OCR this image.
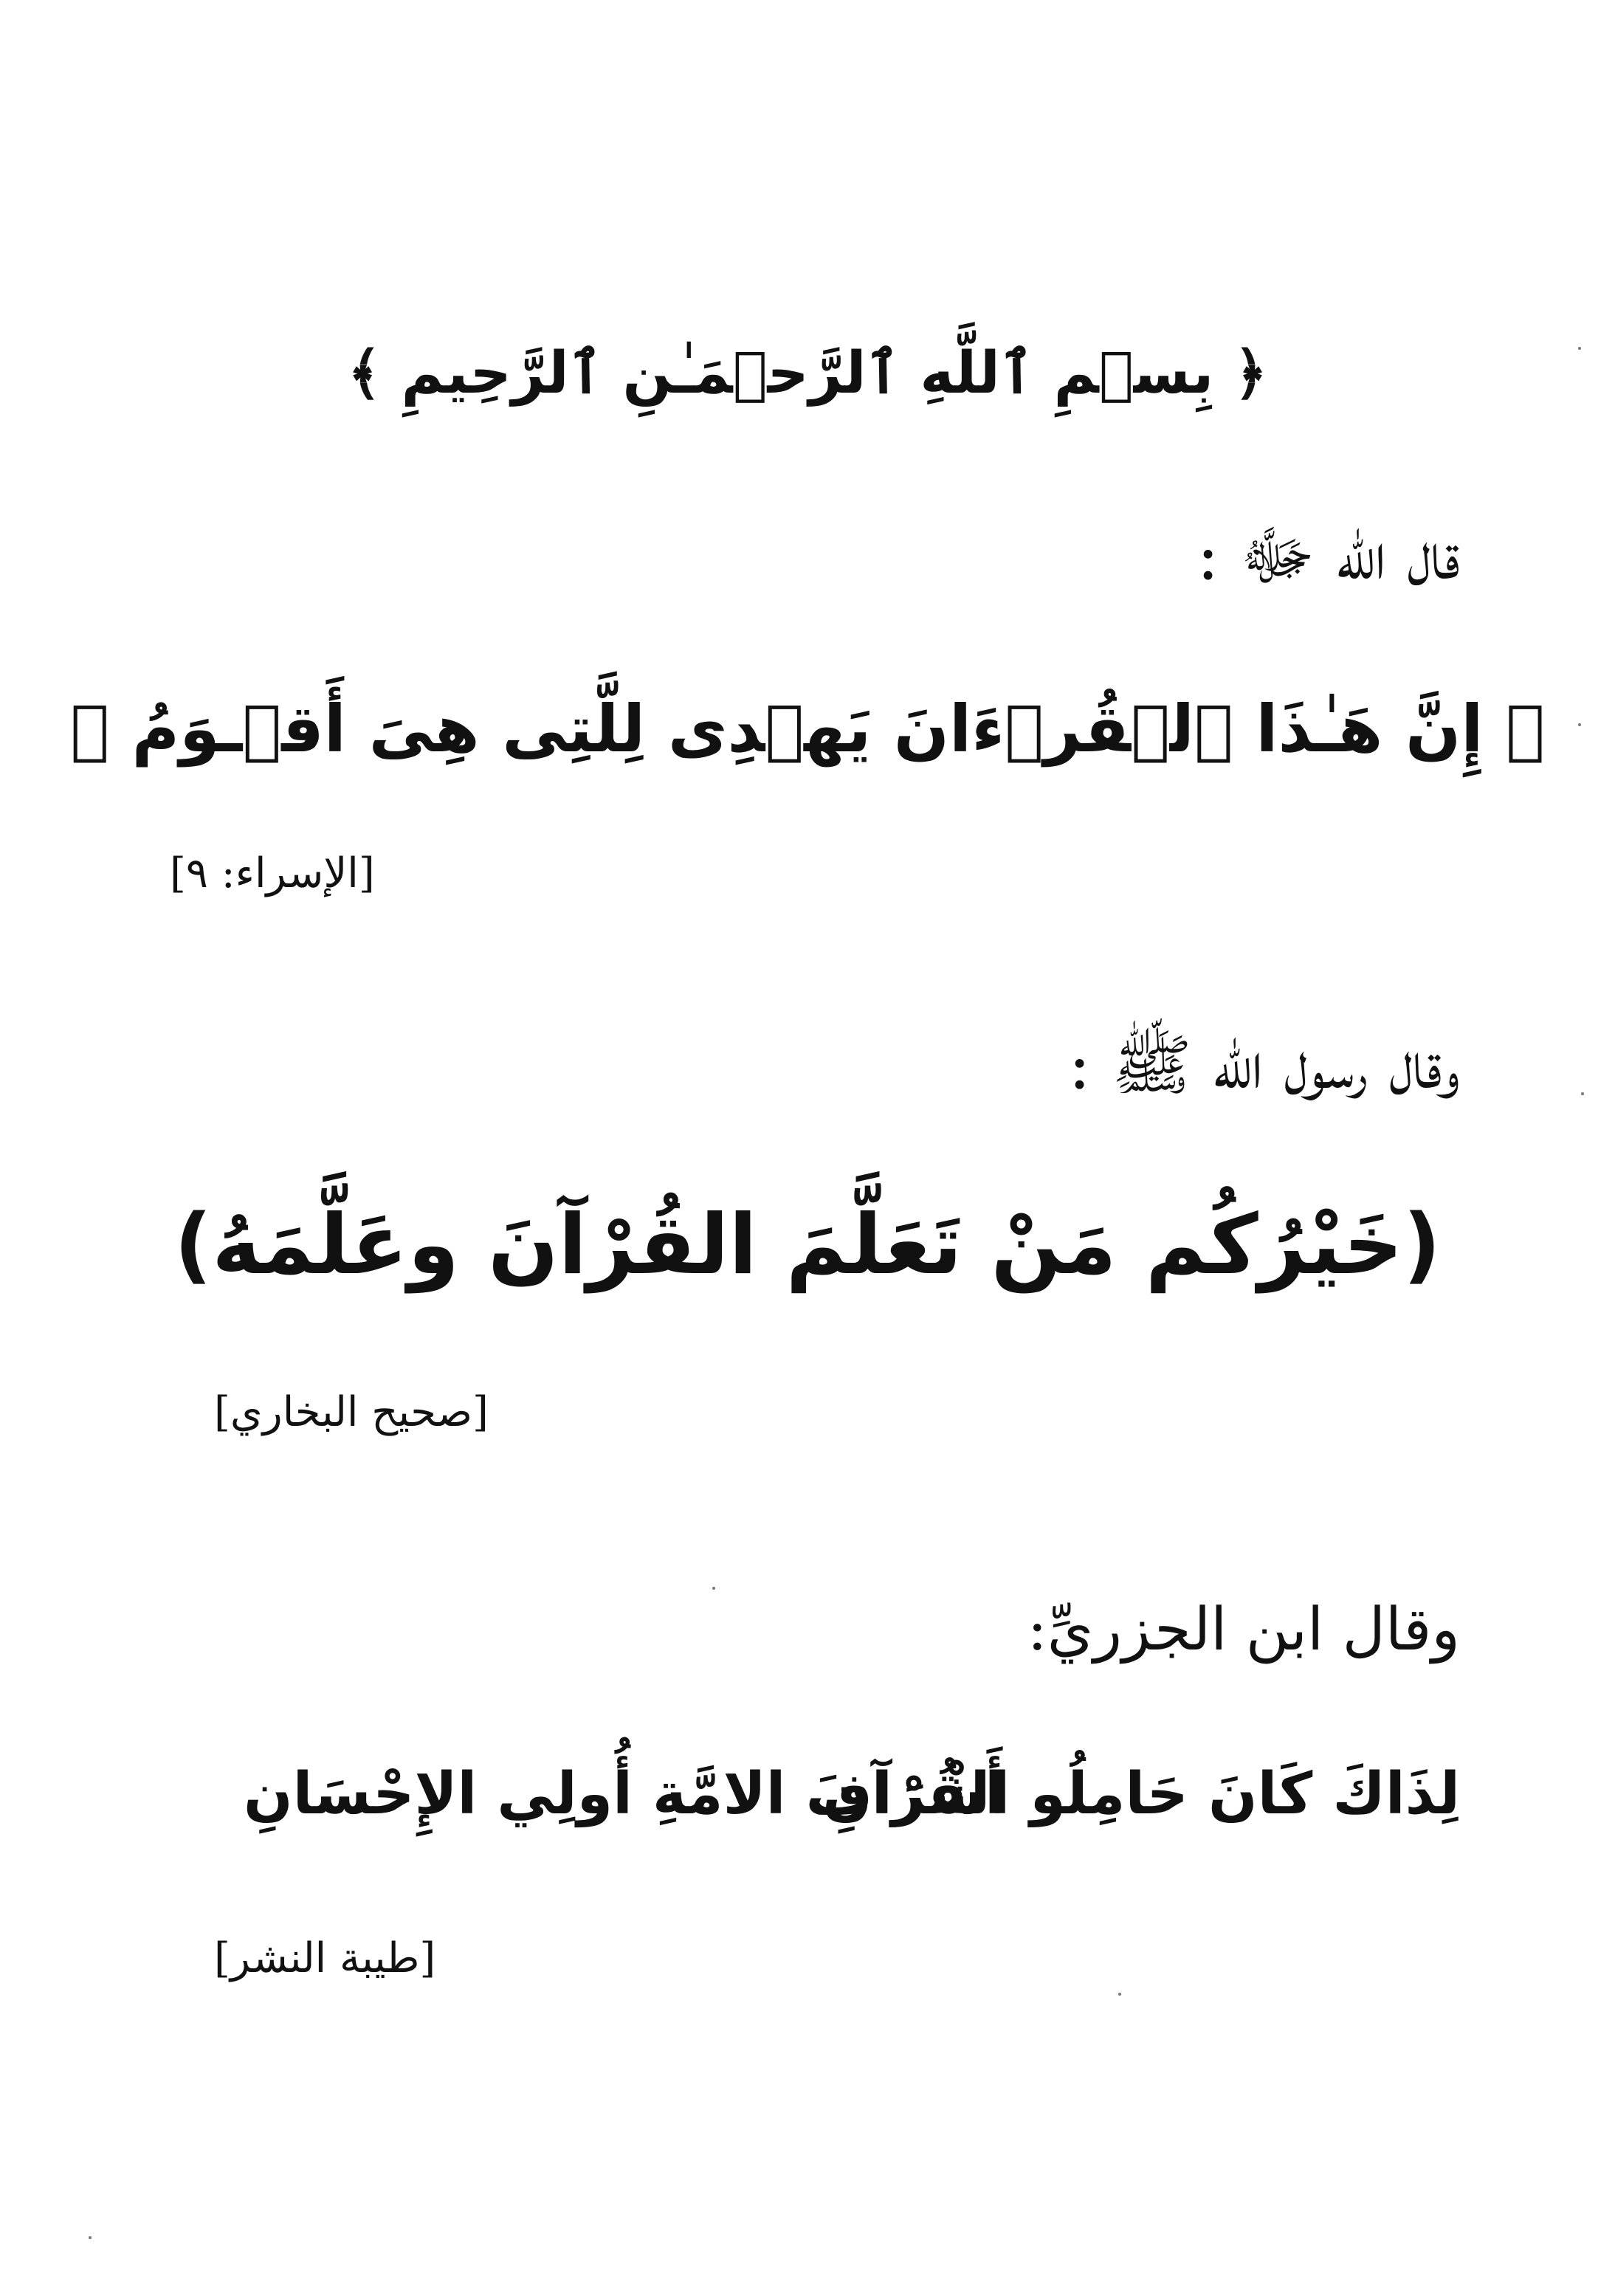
﴿ بِسۡمِ ٱللَّهِ ٱلرَّحۡمَـٰنِ ٱلرَّحِيمِ ﴾
قال الله ﷻ :
﴿ إِنَّ هَـٰذَا ٱلۡقُرۡءَانَ يَهۡدِى لِلَّتِى هِىَ أَقۡـوَمُ ﴾
[الإسراء: ٩]
وقال رسول الله ﷺ :
(خَيْرُكُم مَنْ تَعَلَّمَ القُرْآنَ وعَلَّمَهُ)
[صحيح البخاري]
وقال ابن الجزريِّ:
لِذَاكَ كَانَ حَامِلُو القُرْآنِ
أَشْرَافَ الامَّةِ أُولِي الإِحْسَانِ
[طيبة النشر]
